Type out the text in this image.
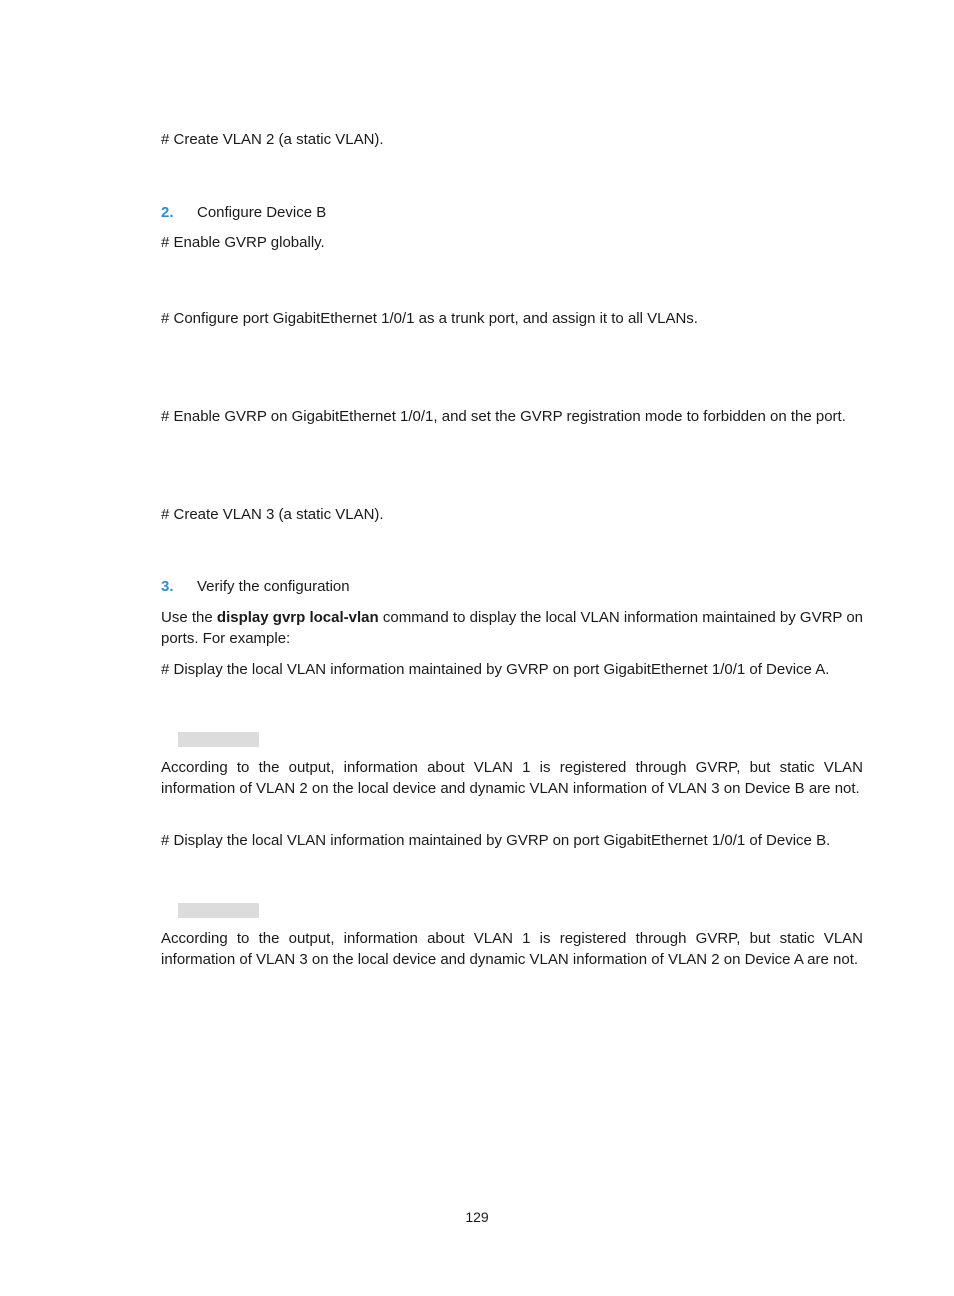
# Create VLAN 2 (a static VLAN).
2. Configure Device B
# Enable GVRP globally.
# Configure port GigabitEthernet 1/0/1 as a trunk port, and assign it to all VLANs.
# Enable GVRP on GigabitEthernet 1/0/1, and set the GVRP registration mode to forbidden on the port.
# Create VLAN 3 (a static VLAN).
3. Verify the configuration
Use the display gvrp local-vlan command to display the local VLAN information maintained by GVRP on ports. For example:
# Display the local VLAN information maintained by GVRP on port GigabitEthernet 1/0/1 of Device A.
According to the output, information about VLAN 1 is registered through GVRP, but static VLAN information of VLAN 2 on the local device and dynamic VLAN information of VLAN 3 on Device B are not.
# Display the local VLAN information maintained by GVRP on port GigabitEthernet 1/0/1 of Device B.
According to the output, information about VLAN 1 is registered through GVRP, but static VLAN information of VLAN 3 on the local device and dynamic VLAN information of VLAN 2 on Device A are not.
129
